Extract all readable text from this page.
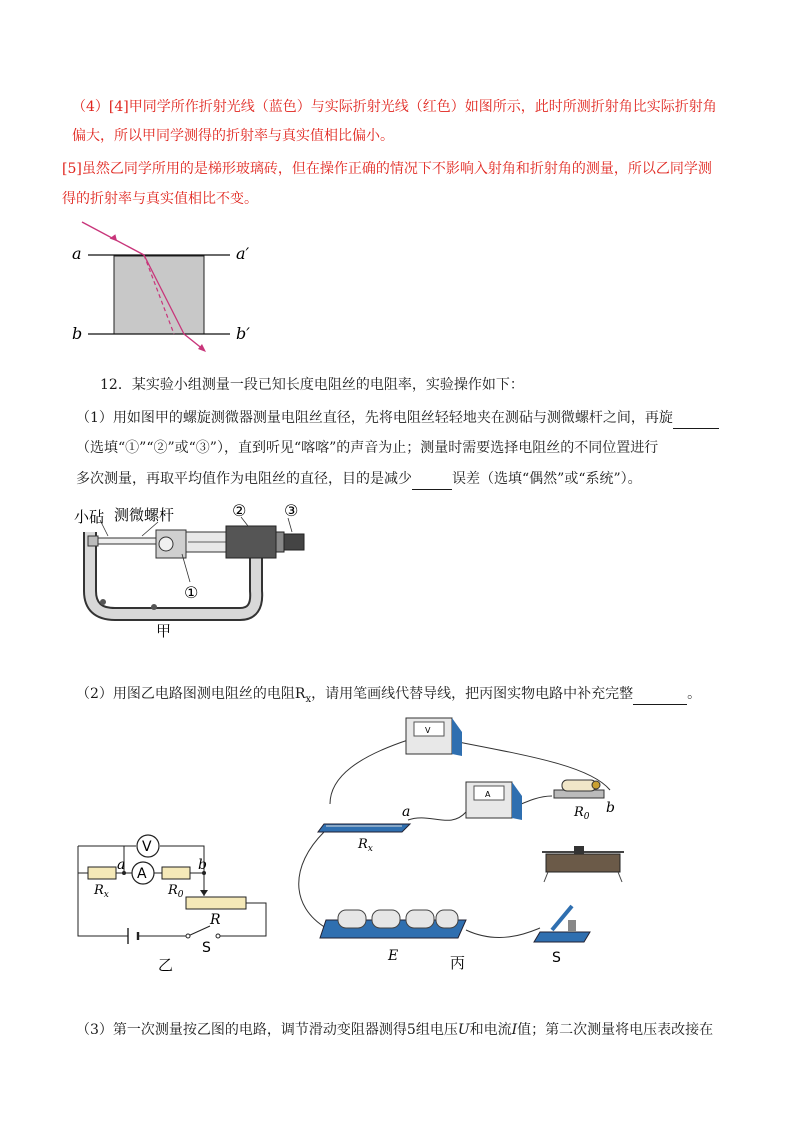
（4）[4]甲同学所作折射光线（蓝色）与实际折射光线（红色）如图所示，此时所测折射角比实际折射角
偏大，所以甲同学测得的折射率与真实值相比偏小。
[5]虽然乙同学所用的是梯形玻璃砖，但在操作正确的情况下不影响入射角和折射角的测量，所以乙同学测
得的折射率与真实值相比不变。
a	a′
b	b′
12．某实验小组测量一段已知长度电阻丝的电阻率，实验操作如下：
（1）用如图甲的螺旋测微器测量电阻丝直径，先将电阻丝轻轻地夹在测砧与测微螺杆之间，再旋
（选填“①”“②”或“③”），直到听见“喀喀”的声音为止；测量时需要选择电阻丝的不同位置进行
多次测量，再取平均值作为电阻丝的直径，目的是减少	误差（选填“偶然”或“系统”）。
小砧 测微螺杆	② ③
①
甲
（2）用图乙电路图测电阻丝的电阻$R_x$，请用笔画线代替导线，把丙图实物电路中补充完整	。
V
A
a	b
$R_x$	$R_0$
R
S
乙
V
A
a	b
$R_x$
$R_0$
E	S
丙
（3）第一次测量按乙图的电路，调节滑动变阻器测得5组电压U和电流I值；第二次测量将电压表改接在
